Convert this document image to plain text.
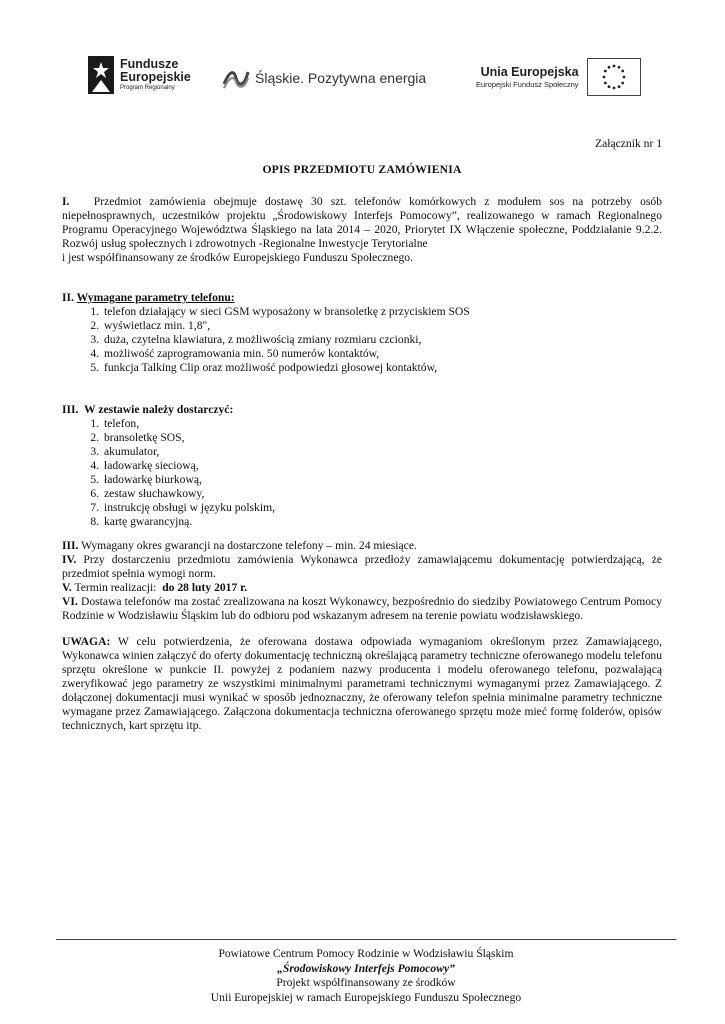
Fundusze
Europejskie
Program Regionalny
Śląskie. Pozytywna energia	Unia Europejska
Europejski Fundusz Społeczny

Załącznik nr 1

OPIS PRZEDMIOTU ZAMÓWIENIA

I. Przedmiot zamówienia obejmuje dostawę 30 szt. telefonów komórkowych z modułem sos na potrzeby osób niepełnosprawnych, uczestników projektu „Środowiskowy Interfejs Pomocowy”, realizowanego w ramach Regionalnego Programu Operacyjnego Województwa Śląskiego na lata 2014 – 2020, Priorytet IX Włączenie społeczne, Poddziałanie 9.2.2. Rozwój usług społecznych i zdrowotnych -Regionalne Inwestycje Terytorialne

i jest współfinansowany ze środków Europejskiego Funduszu Społecznego.

II. Wymagane parametry telefonu:

1. telefon działający w sieci GSM wyposażony w bransoletkę z przyciskiem SOS
2. wyświetlacz min. 1,8",
3. duża, czytelna klawiatura, z możliwością zmiany rozmiaru czcionki,
4. możliwość zaprogramowania min. 50 numerów kontaktów,
5. funkcja Talking Clip oraz możliwość podpowiedzi głosowej kontaktów,

III. W zestawie należy dostarczyć:

1. telefon,
2. bransoletkę SOS,
3. akumulator,
4. ładowarkę sieciową,
5. ładowarkę biurkową,
6. zestaw słuchawkowy,
7. instrukcję obsługi w języku polskim,
8. kartę gwarancyjną.

III. Wymagany okres gwarancji na dostarczone telefony – min. 24 miesiące.

IV. Przy dostarczeniu przedmiotu zamówienia Wykonawca przedłoży zamawiającemu dokumentację potwierdzającą, że przedmiot spełnia wymogi norm.

V. Termin realizacji: do 28 luty 2017 r.

VI. Dostawa telefonów ma zostać zrealizowana na koszt Wykonawcy, bezpośrednio do siedziby Powiatowego Centrum Pomocy Rodzinie w Wodzisławiu Śląskim lub do odbioru pod wskazanym adresem na terenie powiatu wodzisławskiego.

UWAGA: W celu potwierdzenia, że oferowana dostawa odpowiada wymaganiom określonym przez Zamawiającego, Wykonawca winien załączyć do oferty dokumentację techniczną określającą parametry techniczne oferowanego modelu telefonu sprzętu określone w punkcie II. powyżej z podaniem nazwy producenta i modelu oferowanego telefonu, pozwalającą zweryfikować jego parametry ze wszystkimi minimalnymi parametrami technicznymi wymaganymi przez Zamawiającego. Z dołączonej dokumentacji musi wynikać w sposób jednoznaczny, że oferowany telefon spełnia minimalne parametry techniczne wymagane przez Zamawiającego. Załączona dokumentacja techniczna oferowanego sprzętu może mieć formę folderów, opisów technicznych, kart sprzętu itp.

Powiatowe Centrum Pomocy Rodzinie w Wodzisławiu Śląskim
„Środowiskowy Interfejs Pomocowy”
Projekt współfinansowany ze środków
Unii Europejskiej w ramach Europejskiego Funduszu Społecznego
